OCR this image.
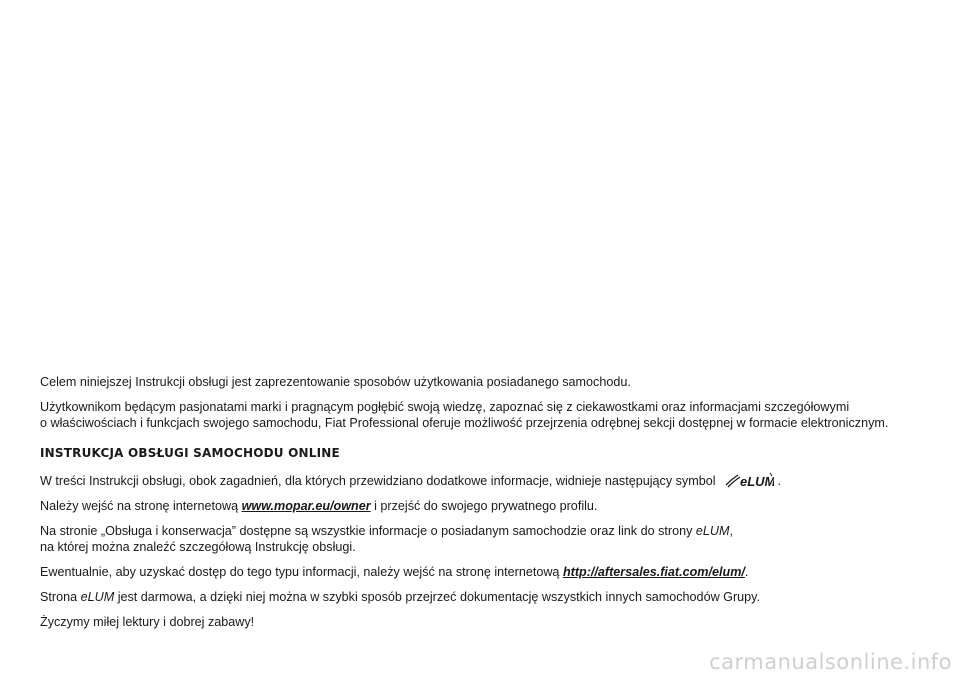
Celem niniejszej Instrukcji obsługi jest zaprezentowanie sposobów użytkowania posiadanego samochodu.

Użytkownikom będącym pasjonatami marki i pragnącym pogłębić swoją wiedzę, zapoznać się z ciekawostkami oraz informacjami szczegółowymi
o właściwościach i funkcjach swojego samochodu, Fiat Professional oferuje możliwość przejrzenia odrębnej sekcji dostępnej w formacie elektronicznym.

INSTRUKCJA OBSŁUGI SAMOCHODU ONLINE

W treści Instrukcji obsługi, obok zagadnień, dla których przewidziano dodatkowe informacje, widnieje następujący symbol eLUM .

Należy wejść na stronę internetową www.mopar.eu/owner i przejść do swojego prywatnego profilu.

Na stronie „Obsługa i konserwacja” dostępne są wszystkie informacje o posiadanym samochodzie oraz link do strony eLUM,
na której można znaleźć szczegółową Instrukcję obsługi.

Ewentualnie, aby uzyskać dostęp do tego typu informacji, należy wejść na stronę internetową http://aftersales.fiat.com/elum/.

Strona eLUM jest darmowa, a dzięki niej można w szybki sposób przejrzeć dokumentację wszystkich innych samochodów Grupy.

Życzymy miłej lektury i dobrej zabawy!

carmanualsonline.info
